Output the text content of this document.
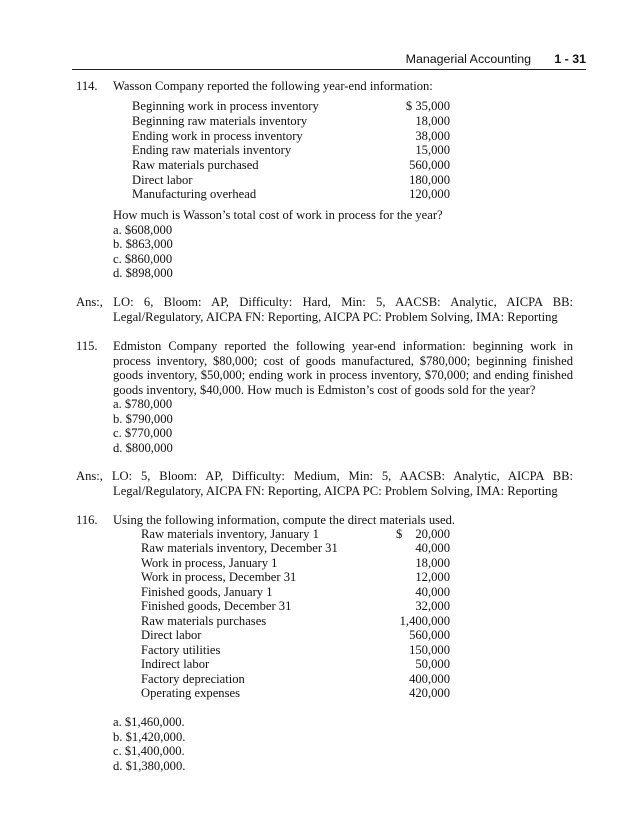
Managerial Accounting 1 - 31
114. Wasson Company reported the following year-end information:
Beginning work in process inventory	$ 35,000
Beginning raw materials inventory	18,000
Ending work in process inventory	38,000
Ending raw materials inventory	15,000
Raw materials purchased	560,000
Direct labor	180,000
Manufacturing overhead	120,000
How much is Wasson’s total cost of work in process for the year?
a. $608,000
b. $863,000
c. $860,000
d. $898,000
Ans:, LO: 6, Bloom: AP, Difficulty: Hard, Min: 5, AACSB: Analytic, AICPA BB:
Legal/Regulatory, AICPA FN: Reporting, AICPA PC: Problem Solving, IMA: Reporting
115. Edmiston Company reported the following year-end information: beginning work in
process inventory, $80,000; cost of goods manufactured, $780,000; beginning finished
goods inventory, $50,000; ending work in process inventory, $70,000; and ending finished
goods inventory, $40,000. How much is Edmiston’s cost of goods sold for the year?
a. $780,000
b. $790,000
c. $770,000
d. $800,000
Ans:, LO: 5, Bloom: AP, Difficulty: Medium, Min: 5, AACSB: Analytic, AICPA BB:
Legal/Regulatory, AICPA FN: Reporting, AICPA PC: Problem Solving, IMA: Reporting
116. Using the following information, compute the direct materials used.
$
Raw materials inventory, January 1	20,000
Raw materials inventory, December 31	40,000
Work in process, January 1	18,000
Work in process, December 31	12,000
Finished goods, January 1	40,000
Finished goods, December 31	32,000
Raw materials purchases	1,400,000
Direct labor	560,000
Factory utilities	150,000
Indirect labor	50,000
Factory depreciation	400,000
Operating expenses	420,000
a. $1,460,000.
b. $1,420,000.
c. $1,400,000.
d. $1,380,000.
